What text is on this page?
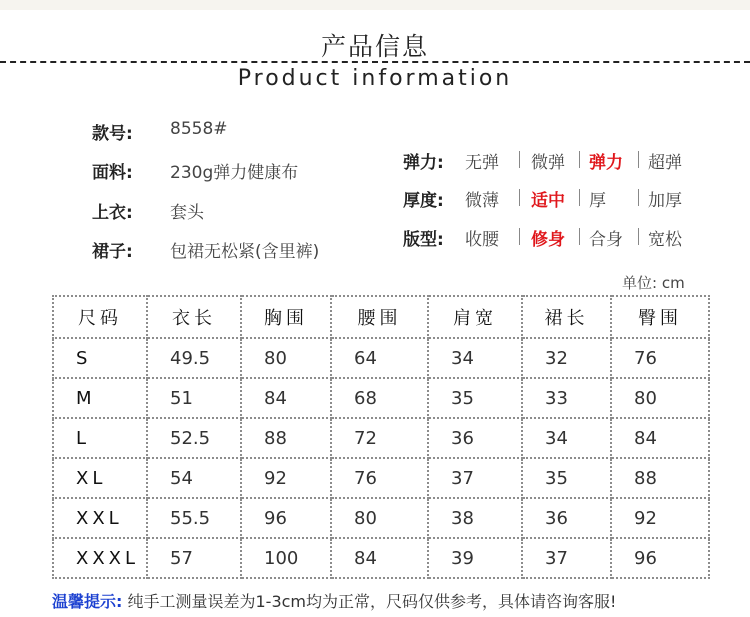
产品信息
Product information
款号: 8558#
面料: 230g弹力健康布
上衣: 套头
裙子: 包裙无松紧(含里裤)
弹力: 无弹 微弹 弹力 超弹
厚度: 微薄 适中 厚 加厚
版型: 收腰 修身 合身 宽松
单位: cm
尺码	衣长	胸围	腰围	肩宽	裙长	臀围
S	49.5	80	64	34	32	76
M	51	84	68	35	33	80
L	52.5	88	72	36	34	84
XL	54	92	76	37	35	88
XXL	55.5	96	80	38	36	92
XXXL	57	100	84	39	37	96
温馨提示: 纯手工测量误差为1-3cm均为正常，尺码仅供参考，具体请咨询客服!
